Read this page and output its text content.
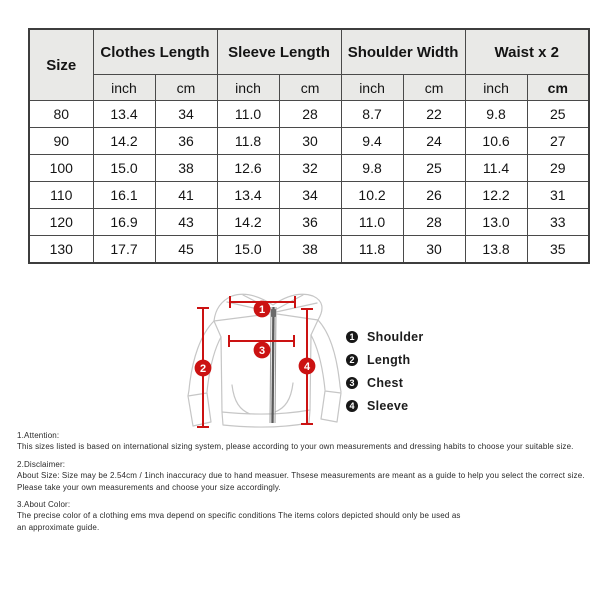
Size	Clothes Length		Sleeve Length		Shoulder Width		Waist x 2	
	inch	cm	inch	cm	inch	cm	inch	cm
80	13.4	34	11.0	28	8.7	22	9.8	25
90	14.2	36	11.8	30	9.4	24	10.6	27
100	15.0	38	12.6	32	9.8	25	11.4	29
110	16.1	41	13.4	34	10.2	26	12.2	31
120	16.9	43	14.2	36	11.0	28	13.0	33
130	17.7	45	15.0	38	11.8	30	13.8	35
1
2
3
4
1 Shoulder
2 Length
3 Chest
4 Sleeve
1.Attention:
This sizes listed is based on international sizing system, please according to your own measurements and dressing habits to choose your suitable size.
2.Disclaimer:
About Size: Size may be 2.54cm / 1inch inaccuracy due to hand measuer. Thsese measurements are meant as a guide to help you select the correct size.
Please take your own measurements and choose your size accordingly.
3.About Color:
The precise color of a clothing ems mva depend on specific conditions The items colors depicted should only be used as
an approximate guide.
